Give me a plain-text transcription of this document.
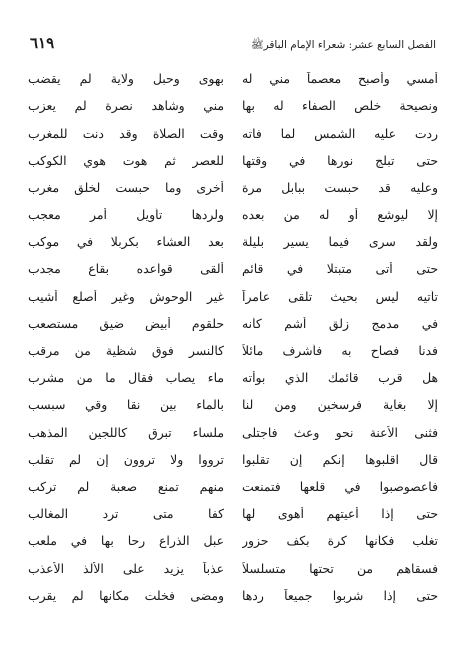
الفصل السابع عشر: شعراء الإمام الباقرﷺ
٦١٩
أمسي وأصبح معصماً مني له
بهوى وحبل ولاية لم يقضب
ونصيحة خلص الصفاء له بها
مني وشاهد نصرة لم يعزب
ردت عليه الشمس لما فاته
وقت الصلاة وقد دنت للمغرب
حتى تبلج نورها في وقتها
للعصر ثم هوت هوي الكوكب
وعليه قد حبست ببابل مرة
أخرى وما حبست لخلق مغرب
إلا ليوشع أو له من بعده
ولردها تأويل أمر معجب
ولقد سرى فيما يسير بليلة
بعد العشاء بكربلا في موكب
حتى أتى متبتلا في قائم
ألقى قواعده بقاع مجدب
تأتيه ليس بحيث تلقى عامراً
غير الوحوش وغير أصلع أشيب
في مدمج زلق أشم كأنه
حلقوم أبيض ضيق مستصعب
فدنا فصاح به فأشرف مائلاً
كالنسر فوق شظية من مرقب
هل قرب قائمك الذي بوأته
ماء يصاب فقال ما من مشرب
إلا بغاية فرسخين ومن لنا
بالماء بين نقا وقي سبسب
فثنى الأعنة نحو وعث فاجتلى
ملساء تبرق كاللجين المذهب
قال اقلبوها إنكم إن تقلبوا
ترووا ولا تروون إن لم تقلب
فاعصوصبوا في قلعها فتمنعت
منهم تمنع صعبة لم تركب
حتى إذا أعيتهم أهوى لها
كفا متى ترد المغالب
تغلب فكأنها كرة بكف حزور
عبل الذراع رحا بها في ملعب
فسقاهم من تحتها متسلسلاً
عذباً يزيد على الألذ الأعذب
حتى إذا شربوا جميعاً ردها
ومضى فخلت مكانها لم يقرب
